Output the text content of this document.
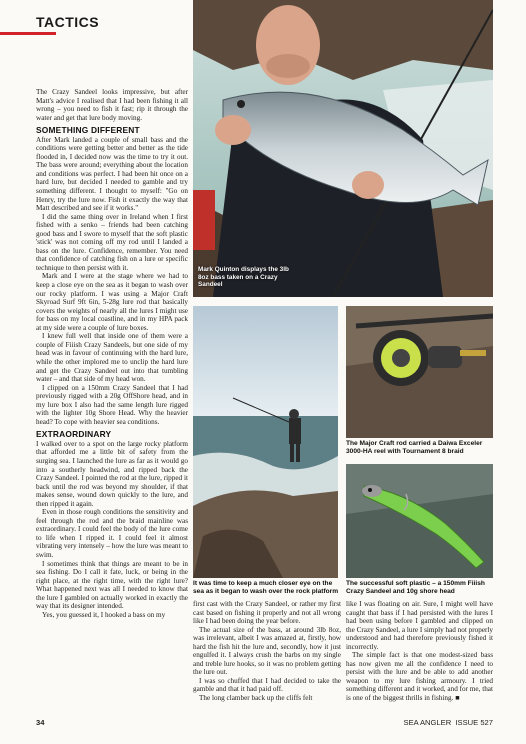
TACTICS
Mark Quinton displays the 3lb 8oz bass taken on a Crazy Sandeel

The Crazy Sandeel looks impressive, but after Matt's advice I realised that I had been fishing it all wrong – you need to fish it fast; rip it through the water and get that lure body moving.

SOMETHING DIFFERENT

After Mark landed a couple of small bass and the conditions were getting better and better as the tide flooded in, I decided now was the time to try it out. The bass were around; everything about the location and conditions was perfect. I had been hit once on a hard lure, but decided I needed to gamble and try something different. I thought to myself: "Go on Henry, try the lure now. Fish it exactly the way that Matt described and see if it works."

I did the same thing over in Ireland when I first fished with a senko – friends had been catching good bass and I swore to myself that the soft plastic 'stick' was not coming off my rod until I landed a bass on the lure. Confidence, remember. You need that confidence of catching fish on a lure or specific technique to then persist with it.

Mark and I were at the stage where we had to keep a close eye on the sea as it began to wash over our rocky platform. I was using a Major Craft Skyroad Surf 9ft 6in, 5-28g lure rod that basically covers the weights of nearly all the lures I might use for bass on my local coastline, and in my HPA pack at my side were a couple of lure boxes.

I knew full well that inside one of them were a couple of Fiiish Crazy Sandeels, but one side of my head was in favour of continuing with the hard lure, while the other implored me to unclip the hard lure and get the Crazy Sandeel out into that tumbling water – and that side of my head won.

I clipped on a 150mm Crazy Sandeel that I had previously rigged with a 20g OffShore head, and in my lure box I also had the same length lure rigged with the lighter 10g Shore Head. Why the heavier head? To cope with heavier sea conditions.

EXTRAORDINARY

I walked over to a spot on the large rocky platform that afforded me a little bit of safety from the surging sea. I launched the lure as far as it would go into a southerly headwind, and ripped back the Crazy Sandeel. I pointed the rod at the lure, ripped it back until the rod was beyond my shoulder, if that makes sense, wound down quickly to the lure, and then ripped it again.

Even in those rough conditions the sensitivity and feel through the rod and the braid mainline was extraordinary. I could feel the body of the lure come to life when I ripped it. I could feel it almost vibrating very intensely – how the lure was meant to swim.

I sometimes think that things are meant to be in sea fishing. Do I call it fate, luck, or being in the right place, at the right time, with the right lure? What happened next was all I needed to know that the lure I gambled on actually worked in exactly the way that its designer intended.

Yes, you guessed it, I hooked a bass on my

It was time to keep a much closer eye on the sea as it began to wash over the rock platform
The Major Craft rod carried a Daiwa Exceler 3000-HA reel with Tournament 8 braid
The successful soft plastic – a 150mm Fiiish Crazy Sandeel and 10g shore head

first cast with the Crazy Sandeel, or rather my first cast based on fishing it properly and not all wrong like I had been doing the year before.

The actual size of the bass, at around 3lb 8oz, was irrelevant, albeit I was amazed at, firstly, how hard the fish hit the lure and, secondly, how it just engulfed it. I always crush the barbs on my single and treble lure hooks, so it was no problem getting the lure out.

I was so chuffed that I had decided to take the gamble and that it had paid off.

The long clamber back up the cliffs felt

like I was floating on air. Sure, I might well have caught that bass if I had persisted with the lures I had been using before I gambled and clipped on the Crazy Sandeel, a lure I simply had not properly understood and had therefore previously fished it incorrectly.

The simple fact is that one modest-sized bass has now given me all the confidence I need to persist with the lure and be able to add another weapon to my lure fishing armoury. I tried something different and it worked, and for me, that is one of the biggest thrills in fishing. ■

34	SEA ANGLER  ISSUE 527
